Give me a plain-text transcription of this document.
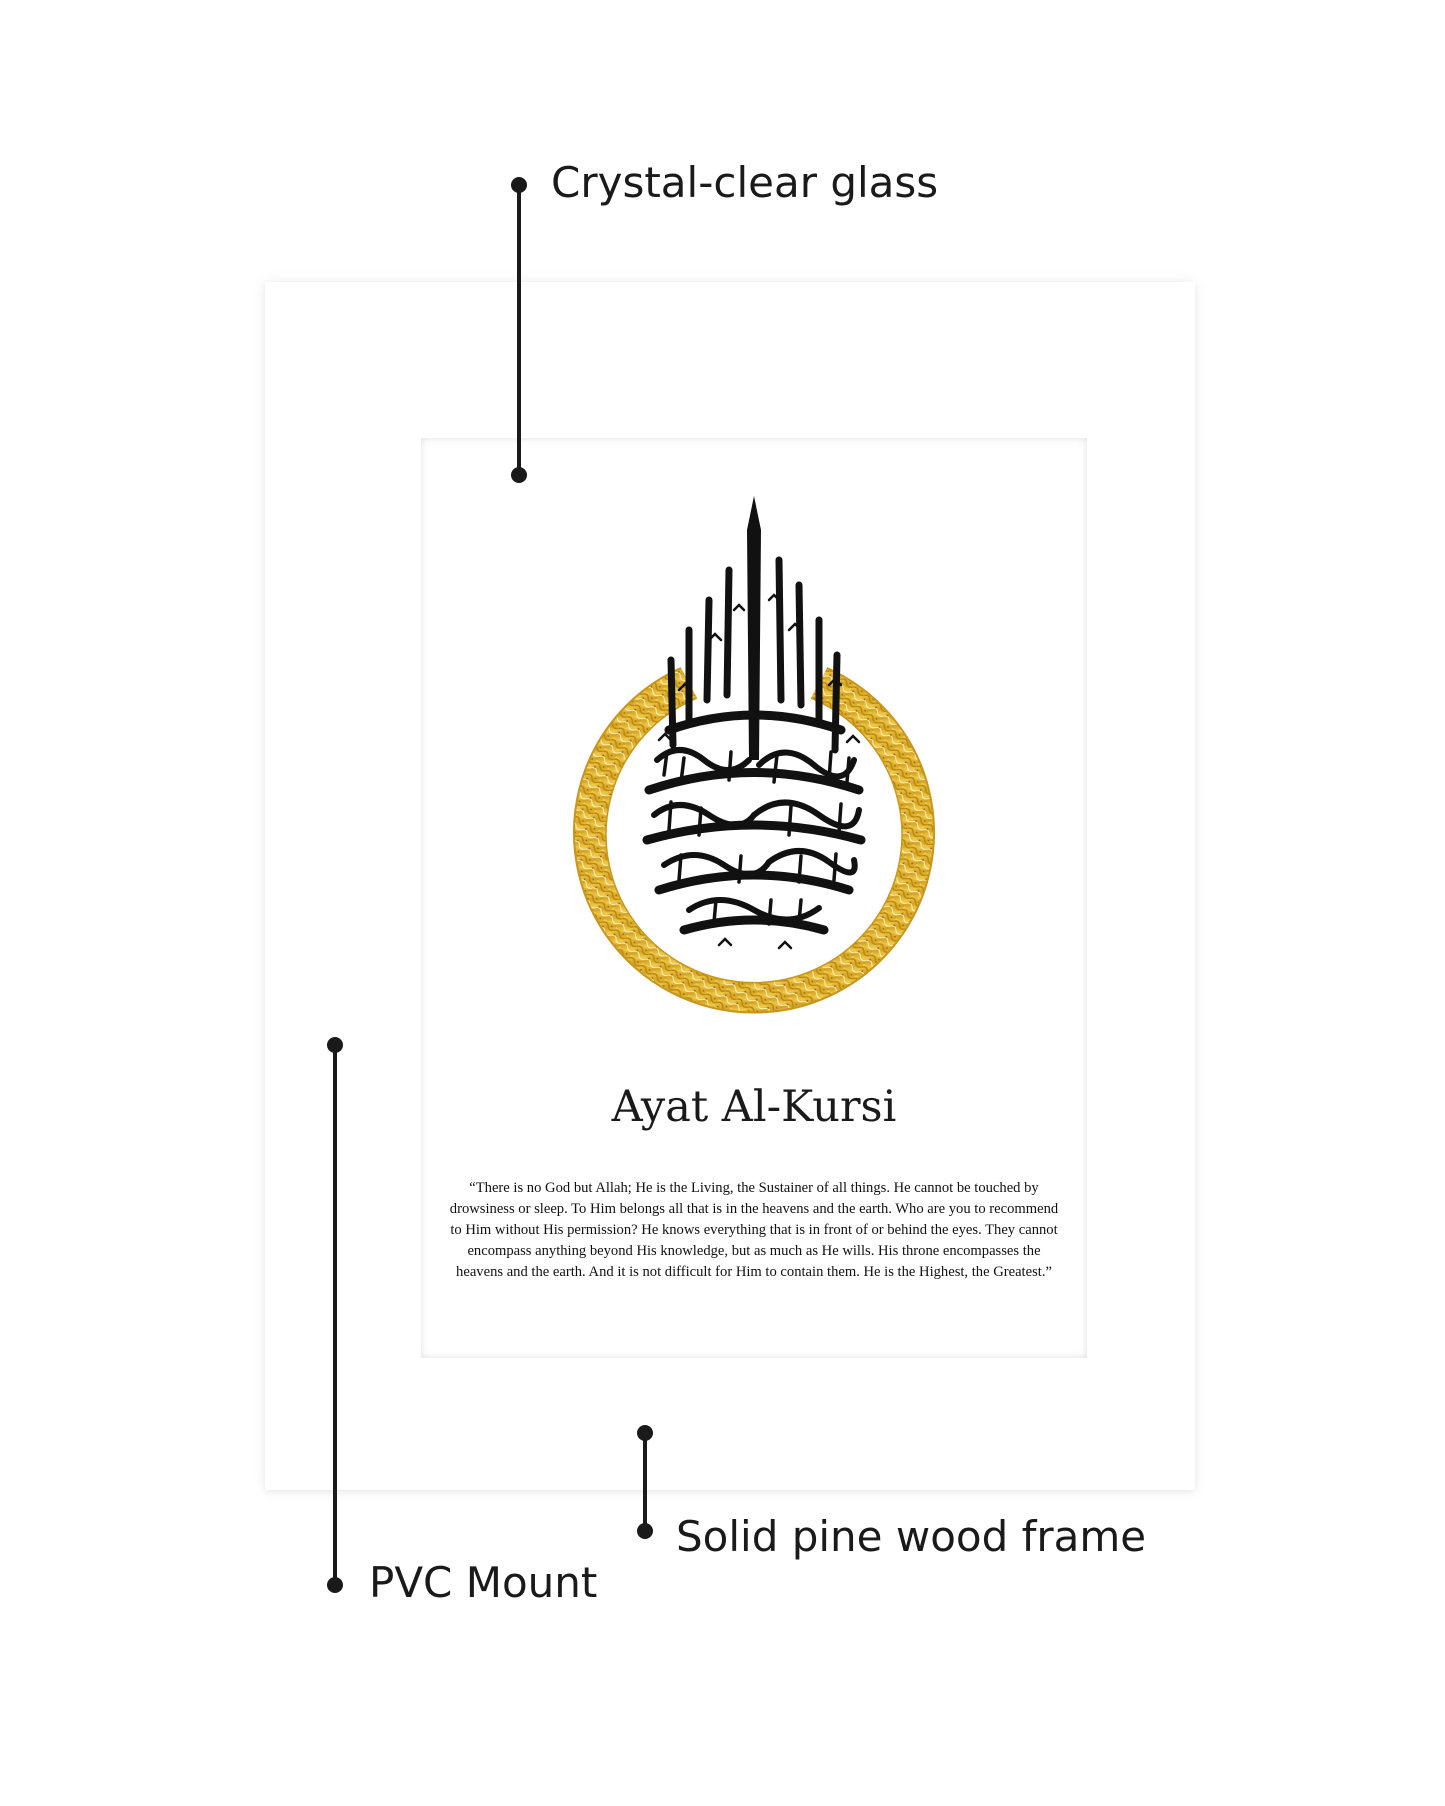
Ayat Al-Kursi

“There is no God but Allah; He is the Living, the Sustainer of all things. He cannot be touched by drowsiness or sleep. To Him belongs all that is in the heavens and the earth. Who are you to recommend to Him without His permission? He knows everything that is in front of or behind the eyes. They cannot encompass anything beyond His knowledge, but as much as He wills. His throne encompasses the heavens and the earth. And it is not difficult for Him to contain them. He is the Highest, the Greatest.”

Crystal-clear glass
PVC Mount
Solid pine wood frame
